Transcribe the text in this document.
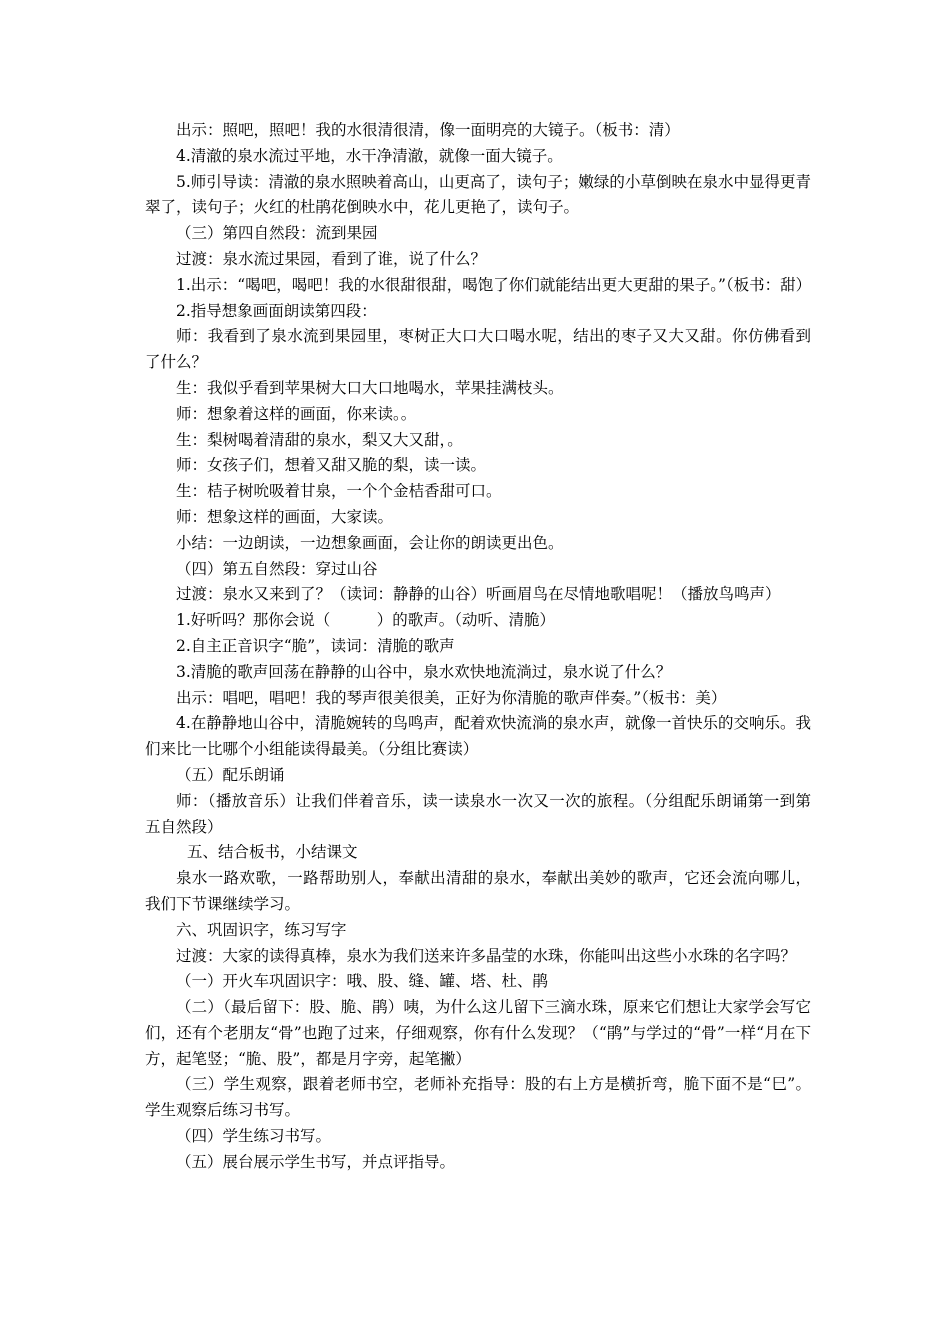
出示：照吧，照吧！我的水很清很清，像一面明亮的大镜子。（板书：清）

4.清澈的泉水流过平地，水干净清澈，就像一面大镜子。

5.师引导读：清澈的泉水照映着高山，山更高了，读句子；嫩绿的小草倒映在泉水中显得更青翠了，读句子；火红的杜鹃花倒映水中，花儿更艳了，读句子。

（三）第四自然段：流到果园

过渡：泉水流过果园，看到了谁，说了什么？

1.出示：“喝吧，喝吧！我的水很甜很甜，喝饱了你们就能结出更大更甜的果子。”（板书：甜）

2.指导想象画面朗读第四段：

师：我看到了泉水流到果园里，枣树正大口大口喝水呢，结出的枣子又大又甜。你仿佛看到了什么？

生：我似乎看到苹果树大口大口地喝水，苹果挂满枝头。

师：想象着这样的画面，你来读。。

生：梨树喝着清甜的泉水，梨又大又甜，。

师：女孩子们，想着又甜又脆的梨，读一读。

生：桔子树吮吸着甘泉，一个个金桔香甜可口。

师：想象这样的画面，大家读。

小结：一边朗读，一边想象画面，会让你的朗读更出色。

（四）第五自然段：穿过山谷

过渡：泉水又来到了？（读词：静静的山谷）听画眉鸟在尽情地歌唱呢！（播放鸟鸣声）

1.好听吗？那你会说（　　　）的歌声。（动听、清脆）

2.自主正音识字“脆”，读词：清脆的歌声

3.清脆的歌声回荡在静静的山谷中，泉水欢快地流淌过，泉水说了什么？

出示：唱吧，唱吧！我的琴声很美很美，正好为你清脆的歌声伴奏。”（板书：美）

4.在静静地山谷中，清脆婉转的鸟鸣声，配着欢快流淌的泉水声，就像一首快乐的交响乐。我们来比一比哪个小组能读得最美。（分组比赛读）

（五）配乐朗诵

师：（播放音乐）让我们伴着音乐，读一读泉水一次又一次的旅程。（分组配乐朗诵第一到第五自然段）

五、结合板书，小结课文

泉水一路欢歌，一路帮助别人，奉献出清甜的泉水，奉献出美妙的歌声，它还会流向哪儿，我们下节课继续学习。

六、巩固识字，练习写字

过渡：大家的读得真棒，泉水为我们送来许多晶莹的水珠，你能叫出这些小水珠的名字吗？

（一）开火车巩固识字：哦、股、缝、罐、塔、杜、鹃

（二）（最后留下：股、脆、鹃）咦，为什么这儿留下三滴水珠，原来它们想让大家学会写它们，还有个老朋友“骨”也跑了过来，仔细观察，你有什么发现？（“鹃”与学过的“骨”一样“月在下方，起笔竖；“脆、股”，都是月字旁，起笔撇）

（三）学生观察，跟着老师书空，老师补充指导：股的右上方是横折弯，脆下面不是“巳”。学生观察后练习书写。

（四）学生练习书写。

（五）展台展示学生书写，并点评指导。
